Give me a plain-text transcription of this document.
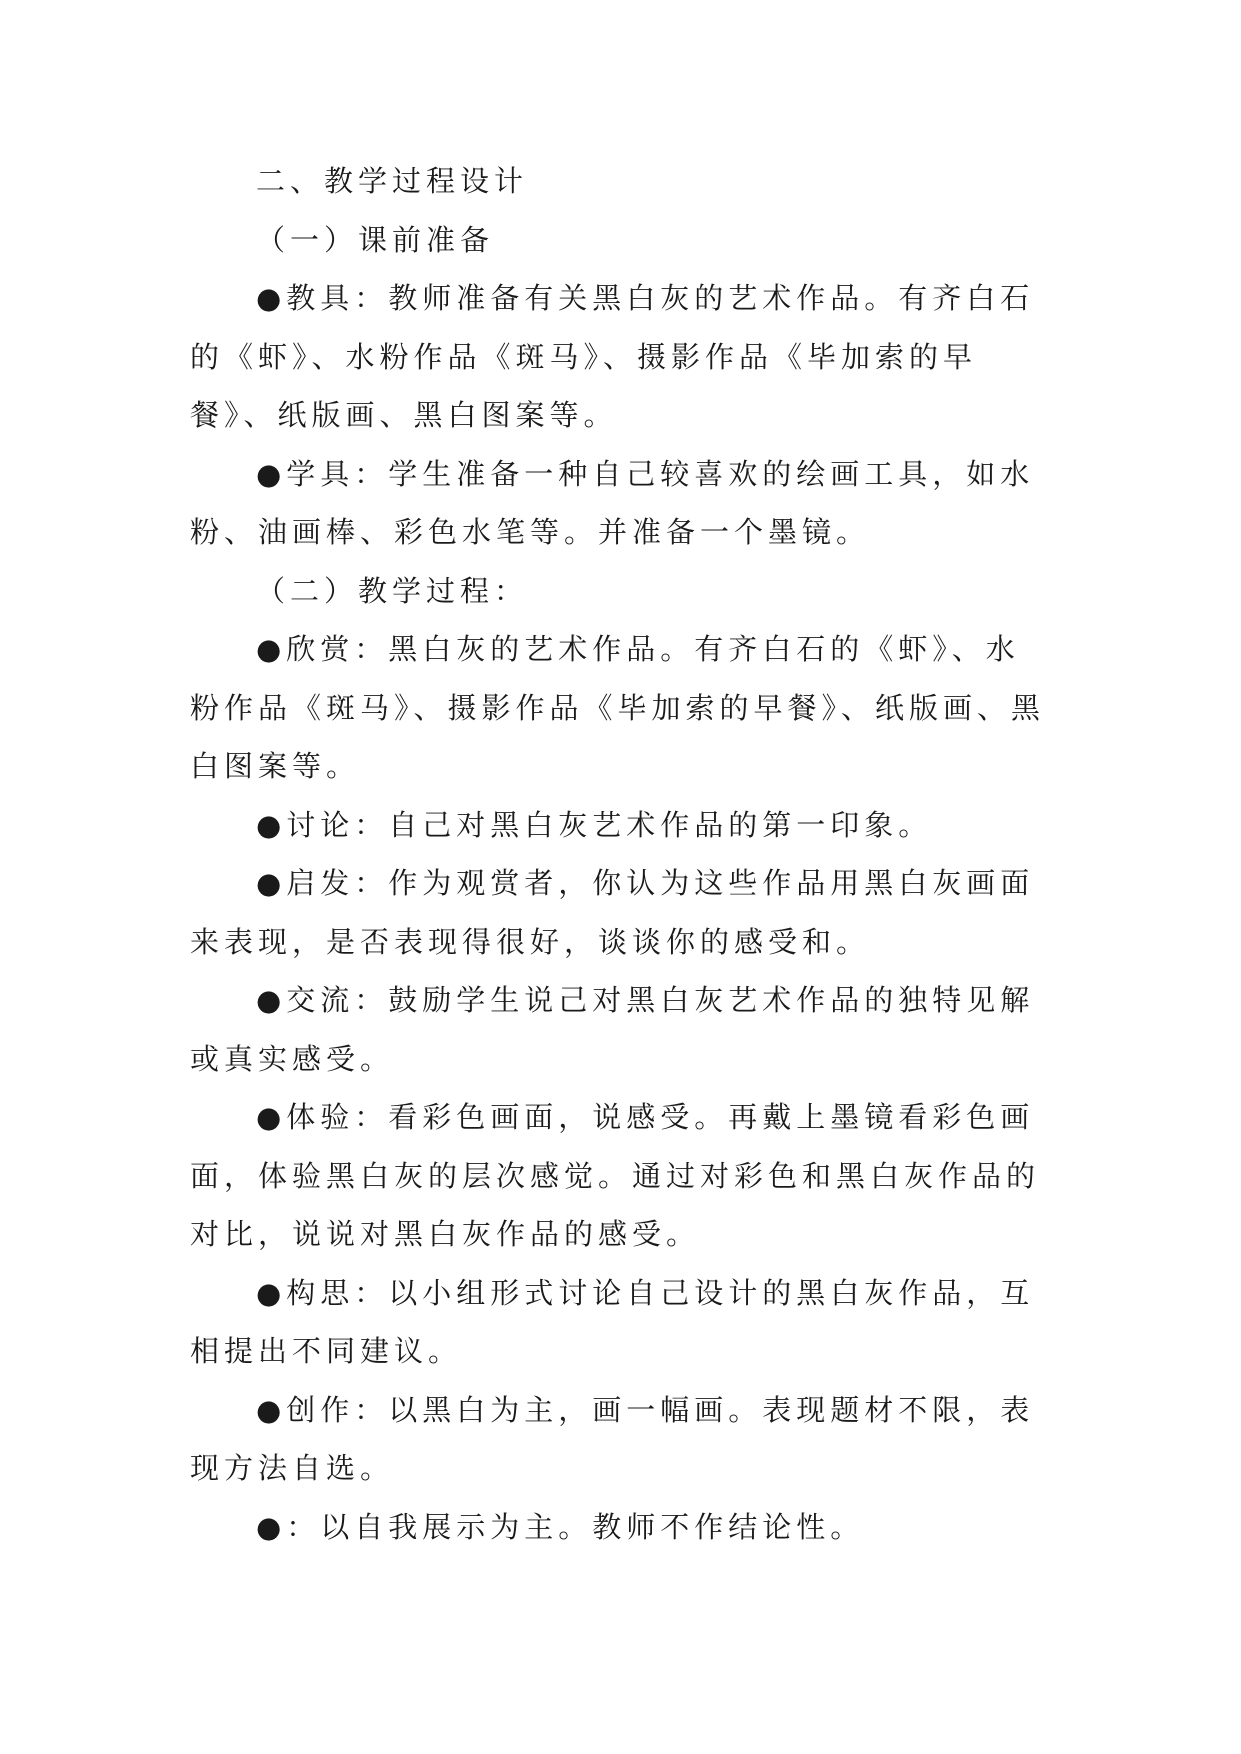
二、教学过程设计

（一）课前准备

●教具：教师准备有关黑白灰的艺术作品。有齐白石的《虾》、水粉作品《斑马》、摄影作品《毕加索的早餐》、纸版画、黑白图案等。

●学具：学生准备一种自己较喜欢的绘画工具，如水粉、油画棒、彩色水笔等。并准备一个墨镜。

（二）教学过程：

●欣赏：黑白灰的艺术作品。有齐白石的《虾》、水粉作品《斑马》、摄影作品《毕加索的早餐》、纸版画、黑白图案等。

●讨论：自己对黑白灰艺术作品的第一印象。

●启发：作为观赏者，你认为这些作品用黑白灰画面来表现，是否表现得很好，谈谈你的感受和。

●交流：鼓励学生说己对黑白灰艺术作品的独特见解或真实感受。

●体验：看彩色画面，说感受。再戴上墨镜看彩色画面，体验黑白灰的层次感觉。通过对彩色和黑白灰作品的对比，说说对黑白灰作品的感受。

●构思：以小组形式讨论自己设计的黑白灰作品，互相提出不同建议。

●创作：以黑白为主，画一幅画。表现题材不限，表现方法自选。

●：以自我展示为主。教师不作结论性。
